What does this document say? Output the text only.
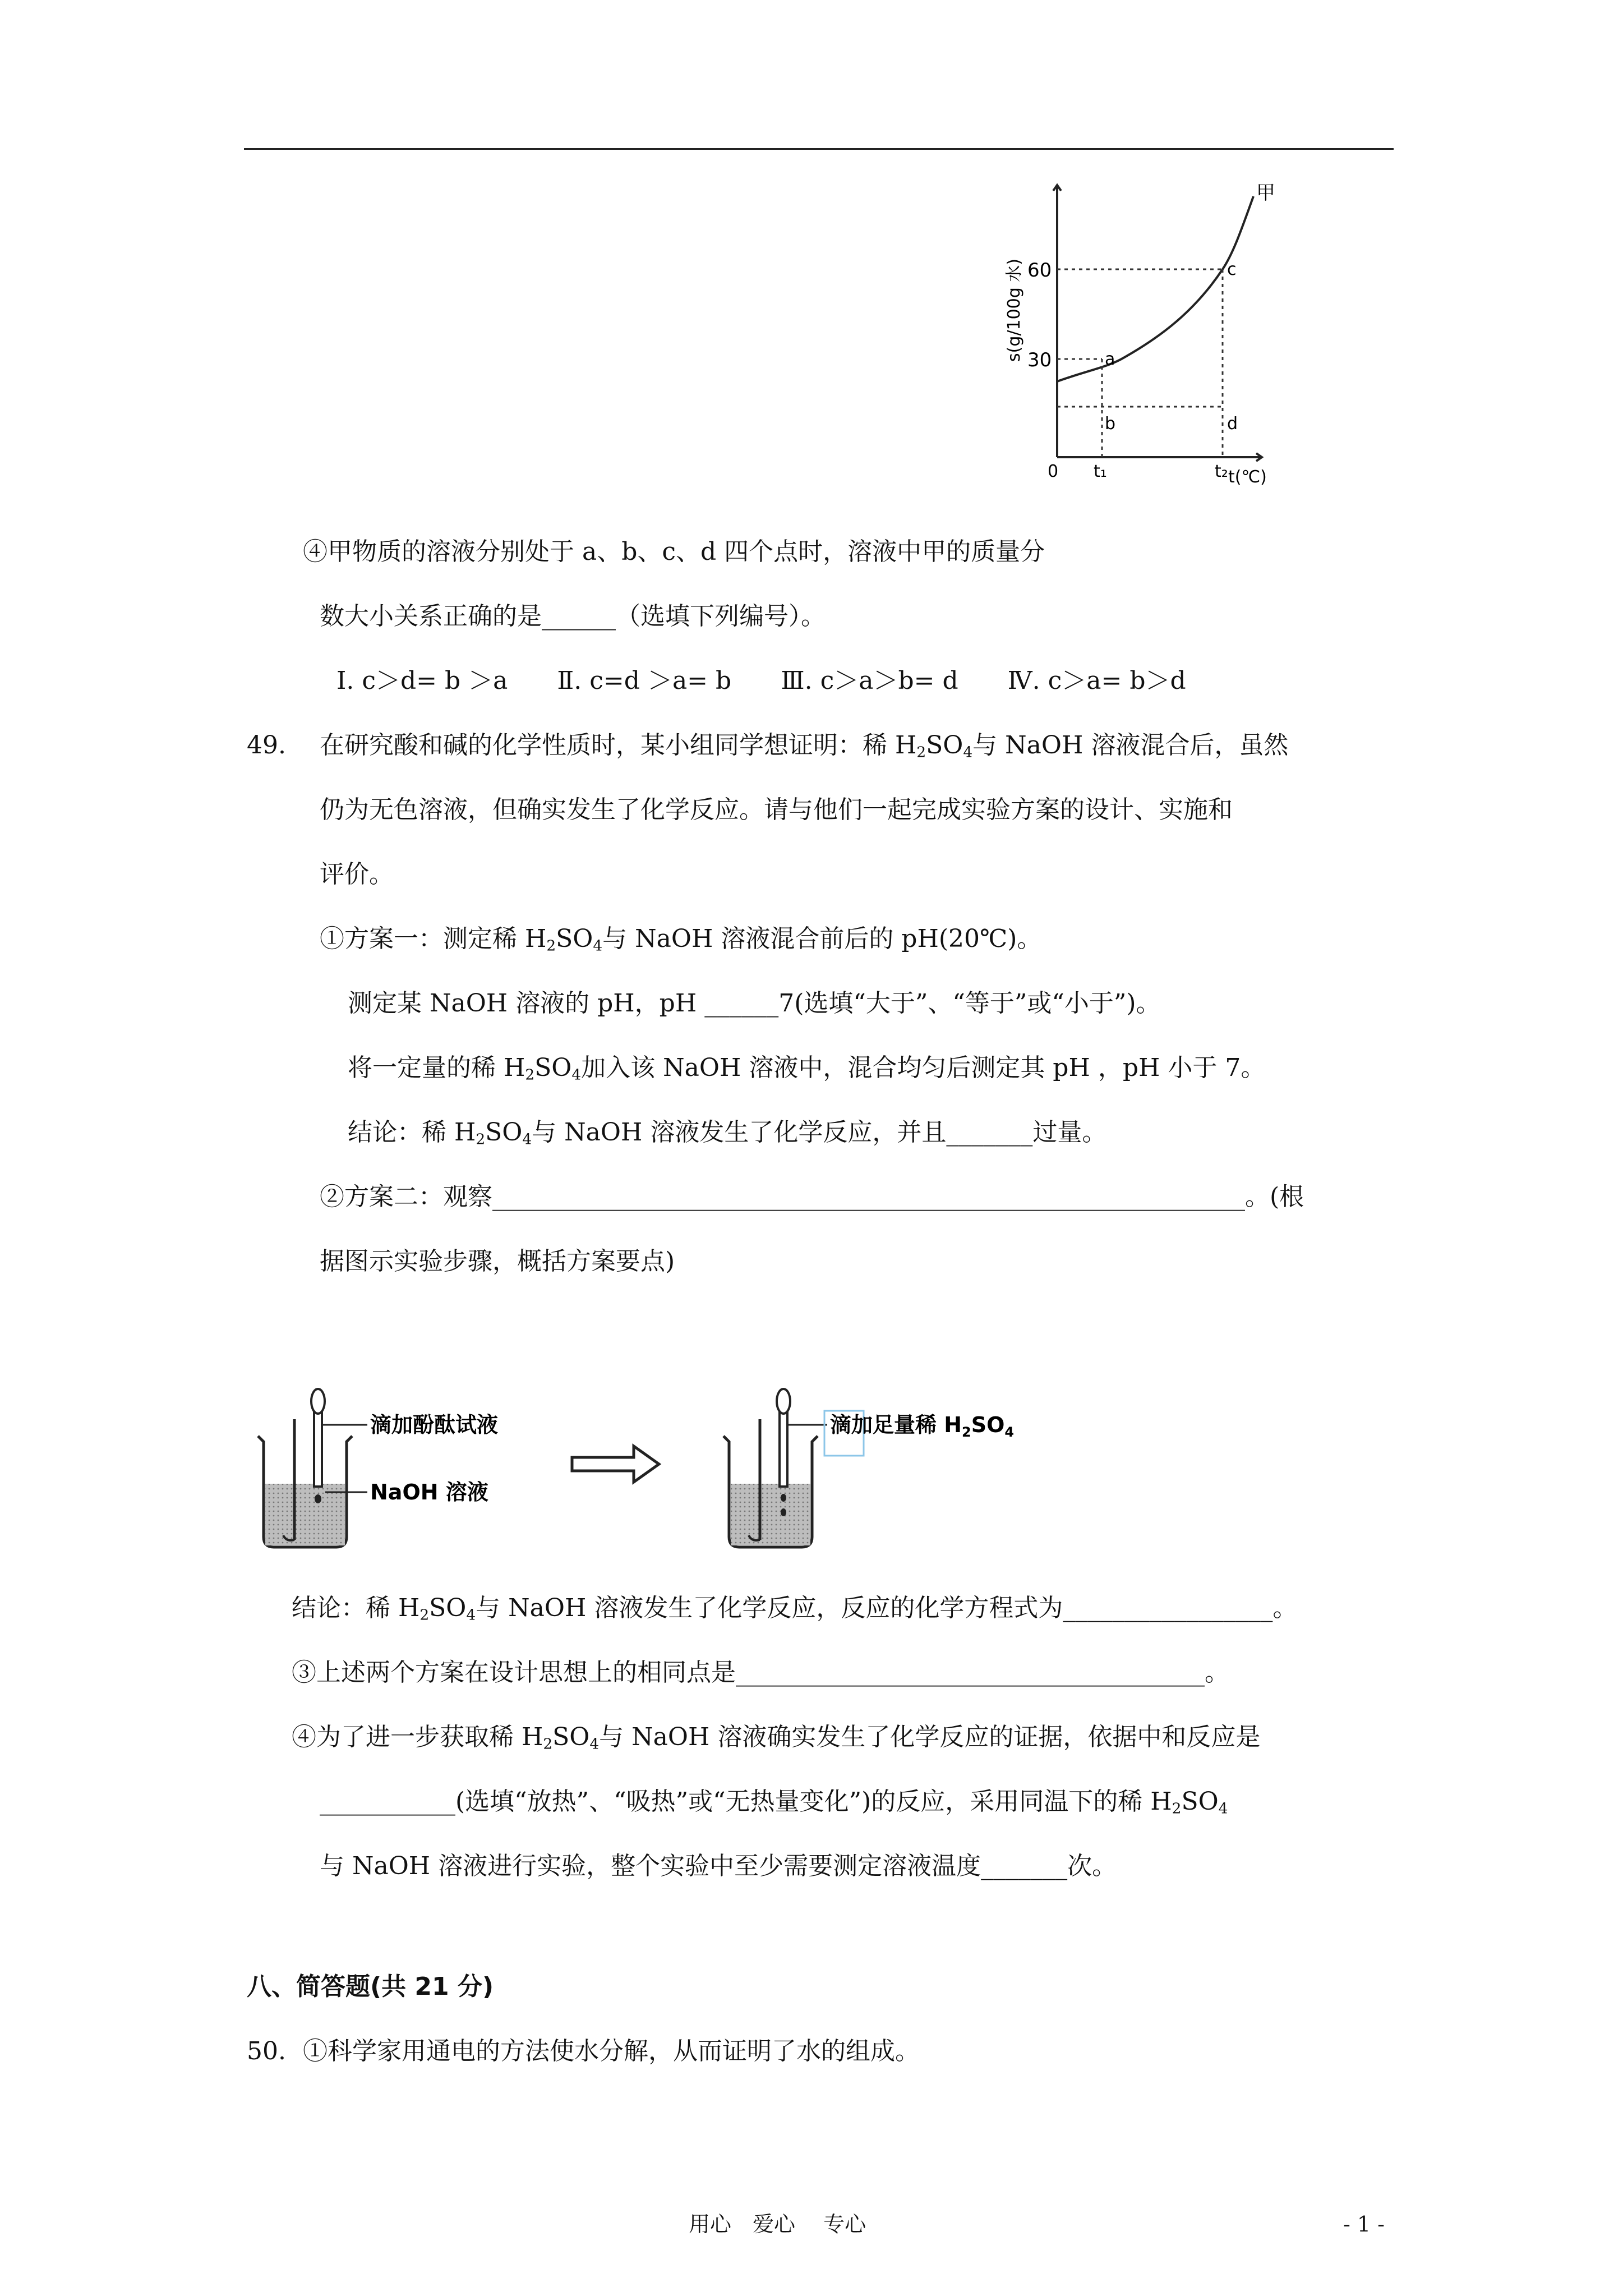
甲
60
30
0 t₁	t₂ t(℃)
s(g/100g 水)	a
b
c
d
④甲物质的溶液分别处于 a、b、c、d 四个点时，溶液中甲的质量分
数大小关系正确的是______（选填下列编号）。
Ⅰ. c＞d= b ＞a　　Ⅱ. c=d ＞a= b　　Ⅲ. c＞a＞b= d　　Ⅳ. c＞a= b＞d
49. 在研究酸和碱的化学性质时，某小组同学想证明：稀 $H_2SO_4$与 NaOH 溶液混合后，虽然
仍为无色溶液，但确实发生了化学反应。请与他们一起完成实验方案的设计、实施和
评价。
①方案一：测定稀 $H_2SO_4$与 NaOH 溶液混合前后的 pH(20℃)。
测定某 NaOH 溶液的 pH，pH ______7(选填“大于”、“等于”或“小于”)。
将一定量的稀 $H_2SO_4$加入该 NaOH 溶液中，混合均匀后测定其 pH ，pH 小于 7。
结论：稀 $H_2SO_4$与 NaOH 溶液发生了化学反应，并且_______过量。
②方案二：观察_____________________________________________________________。(根
据图示实验步骤，概括方案要点)
滴加酚酞试液
NaOH 溶液
滴加足量稀 $H_2SO_4$
结论：稀 $H_2SO_4$与 NaOH 溶液发生了化学反应，反应的化学方程式为_________________。
③上述两个方案在设计思想上的相同点是______________________________________。
④为了进一步获取稀 $H_2SO_4$与 NaOH 溶液确实发生了化学反应的证据，依据中和反应是
___________(选填“放热”、“吸热”或“无热量变化”)的反应，采用同温下的稀 $H_2SO_4$
与 NaOH 溶液进行实验，整个实验中至少需要测定溶液温度_______次。
八、简答题(共 21 分)
50. ①科学家用通电的方法使水分解，从而证明了水的组成。
用心　爱心　 专心	- 1 -
